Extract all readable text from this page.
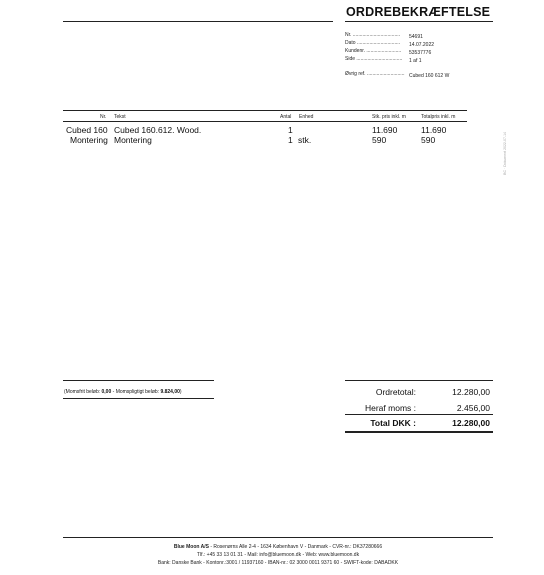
ORDREBEKRÆFTELSE
Nr. .................................. 54691
Dato ............................... 14.07.2022
Kundenr. ......................... 53537776
Side ................................. 1 af 1
Øvrig ref. ........................... Cubed 160 612 W
Nr. Tekst	Antal Enhed	Stk. pris inkl. m	Totalpris inkl. m
Cubed 160 Cubed 160.612. Wood.	1	11.690	11.690
Montering Montering	1 stk.	590	590	BC · Dokument 2022-07-14
(Momsfrit beløb: 0,00 - Momspligtigt beløb: 9.824,00)	Ordretotal:	12.280,00
Heraf moms :	2.456,00
Total DKK :	12.280,00
Blue Moon A/S - Rosenørns Alle 2-4 - 1634 København V - Danmark - CVR-nr.: DK37280666
Tlf.: +45 33 13 01 31 - Mail: info@bluemoon.dk - Web: www.bluemoon.dk
Bank: Danske Bank - Kontonr.:3001 / 11937160 - IBAN-nr.: 02 3000 0011 9371 60 - SWIFT-kode: DABADKK
